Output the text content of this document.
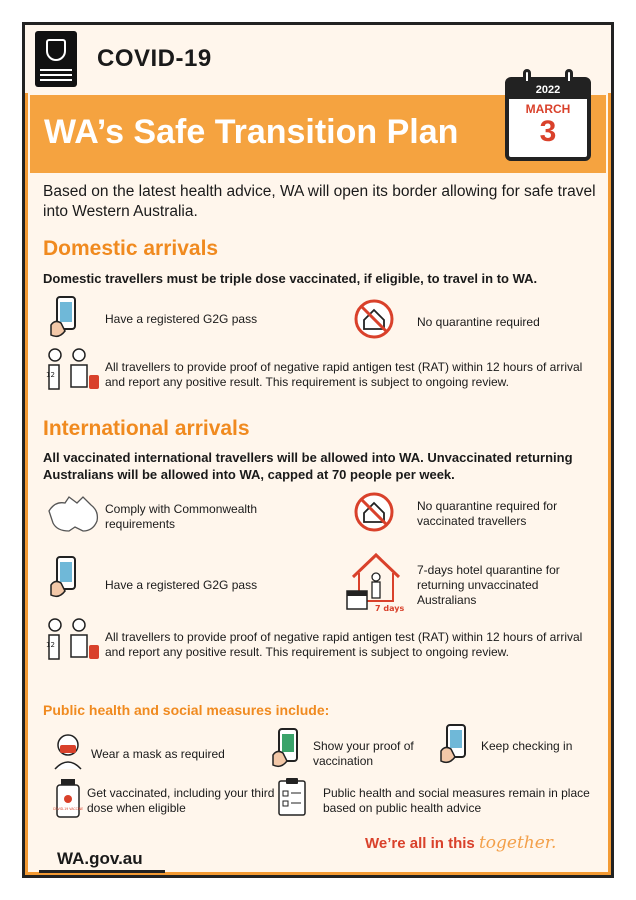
COVID-19
WA’s Safe Transition Plan
2022
MARCH
3
Based on the latest health advice, WA will open its border allowing for safe travel into Western Australia.
Domestic arrivals
Domestic travellers must be triple dose vaccinated, if eligible, to travel in to WA.
Have a registered G2G pass	No quarantine required
12
All travellers to provide proof of negative rapid antigen test (RAT) within 12 hours of arrival and report any positive result. This requirement is subject to ongoing review.
International arrivals
All vaccinated international travellers will be allowed into WA. Unvaccinated returning Australians will be allowed into WA, capped at 70 people per week.
Comply with Commonwealth requirements
No quarantine required for vaccinated travellers
Have a registered G2G pass
7 days
7-days hotel quarantine for returning unvaccinated Australians
12
All travellers to provide proof of negative rapid antigen test (RAT) within 12 hours of arrival and report any positive result. This requirement is subject to ongoing review.
Public health and social measures include:
Wear a mask as required
Show your proof of vaccination
Keep checking in
COVID-19 VACCINE
Get vaccinated, including your third dose when eligible
Public health and social measures remain in place based on public health advice
We’re all in this together.
WA.gov.au
